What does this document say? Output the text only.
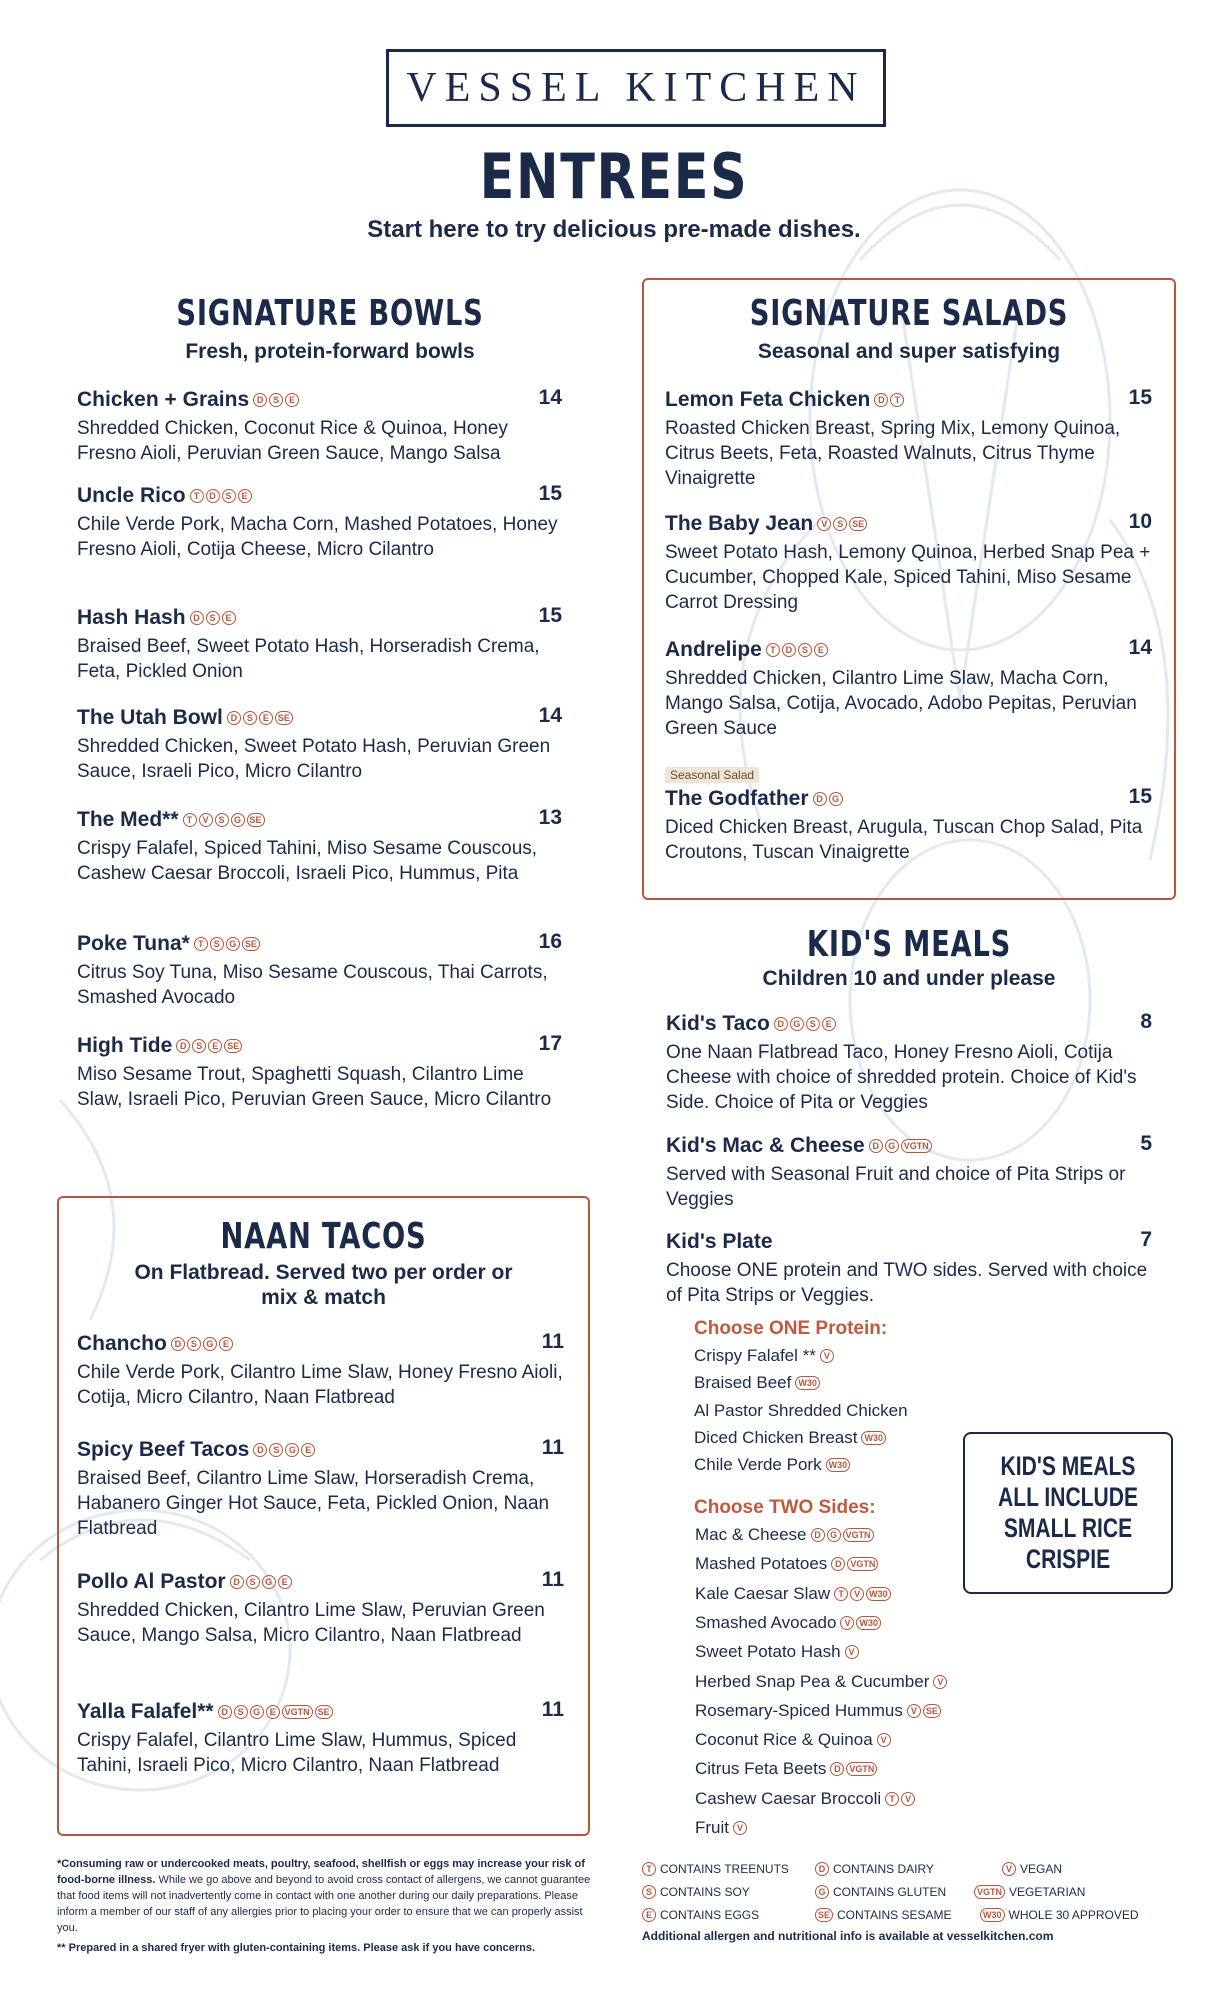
VESSEL KITCHEN
ENTREES
Start here to try delicious pre-made dishes.
SIGNATURE BOWLS
Fresh, protein-forward bowls
Chicken + Grains D	S	E	14
Shredded Chicken, Coconut Rice & Quinoa, Honey Fresno Aioli, Peruvian Green Sauce, Mango Salsa
Uncle Rico T	D	S	E	15
Chile Verde Pork, Macha Corn, Mashed Potatoes, Honey Fresno Aioli, Cotija Cheese, Micro Cilantro
Hash Hash D	S	E	15
Braised Beef, Sweet Potato Hash, Horseradish Crema, Feta, Pickled Onion
The Utah Bowl D	S	E	SE	14
Shredded Chicken, Sweet Potato Hash, Peruvian Green Sauce, Israeli Pico, Micro Cilantro
The Med** T	V	S	G SE	13
Crispy Falafel, Spiced Tahini, Miso Sesame Couscous, Cashew Caesar Broccoli, Israeli Pico, Hummus, Pita
Poke Tuna* T	S	G SE	16
Citrus Soy Tuna, Miso Sesame Couscous, Thai Carrots, Smashed Avocado
High Tide D	S	E	SE	17
Miso Sesame Trout, Spaghetti Squash, Cilantro Lime Slaw, Israeli Pico, Peruvian Green Sauce, Micro Cilantro
SIGNATURE SALADS
Seasonal and super satisfying
Lemon Feta Chicken D	T	15
Roasted Chicken Breast, Spring Mix, Lemony Quinoa, Citrus Beets, Feta, Roasted Walnuts, Citrus Thyme Vinaigrette
The Baby Jean V	S	SE	10
Sweet Potato Hash, Lemony Quinoa, Herbed Snap Pea + Cucumber, Chopped Kale, Spiced Tahini, Miso Sesame Carrot Dressing
Andrelipe T	D	S	E	14
Shredded Chicken, Cilantro Lime Slaw, Macha Corn, Mango Salsa, Cotija, Avocado, Adobo Pepitas, Peruvian Green Sauce
Seasonal Salad
The Godfather D	G	15
Diced Chicken Breast, Arugula, Tuscan Chop Salad, Pita Croutons, Tuscan Vinaigrette
NAAN TACOS
On Flatbread. Served two per order or mix & match
Chancho D	S	G	E	11
Chile Verde Pork, Cilantro Lime Slaw, Honey Fresno Aioli, Cotija, Micro Cilantro, Naan Flatbread
Spicy Beef Tacos D	S	G	E	11
Braised Beef, Cilantro Lime Slaw, Horseradish Crema, Habanero Ginger Hot Sauce, Feta, Pickled Onion, Naan Flatbread
Pollo Al Pastor D	S	G	E	11
Shredded Chicken, Cilantro Lime Slaw, Peruvian Green Sauce, Mango Salsa, Micro Cilantro, Naan Flatbread
Yalla Falafel** D	S	G	E	VGTN SE	11
Crispy Falafel, Cilantro Lime Slaw, Hummus, Spiced Tahini, Israeli Pico, Micro Cilantro, Naan Flatbread
KID'S MEALS
Children 10 and under please
Kid's Taco D	G	S	E	8
One Naan Flatbread Taco, Honey Fresno Aioli, Cotija Cheese with choice of shredded protein. Choice of Kid's Side. Choice of Pita or Veggies
Kid's Mac & Cheese D	G VGTN	5
Served with Seasonal Fruit and choice of Pita Strips or Veggies
Kid's Plate	7
Choose ONE protein and TWO sides. Served with choice of Pita Strips or Veggies.
Choose ONE Protein:
Crispy Falafel ** V
Braised Beef W30
Al Pastor Shredded Chicken
Diced Chicken Breast W30
Chile Verde Pork W30
Choose TWO Sides:
Mac & Cheese D	G VGTN
Mashed Potatoes D VGTN
Kale Caesar Slaw T	V	W30
Smashed Avocado V	W30
Sweet Potato Hash V
Herbed Snap Pea & Cucumber V
Rosemary-Spiced Hummus V	SE
Coconut Rice & Quinoa V
Citrus Feta Beets D VGTN
Cashew Caesar Broccoli T	V
Fruit V
KID'S MEALS ALL INCLUDE SMALL RICE CRISPIE
*Consuming raw or undercooked meats, poultry, seafood, shellfish or eggs may increase your risk of food-borne illness. While we go above and beyond to avoid cross contact of allergens, we cannot guarantee that food items will not inadvertently come in contact with one another during our daily preparations. Please inform a member of our staff of any allergies prior to placing your order to ensure that we can properly assist you.
** Prepared in a shared fryer with gluten-containing items. Please ask if you have concerns.
T CONTAINS TREENUTS	D CONTAINS DAIRY	V VEGAN
S CONTAINS SOY	G CONTAINS GLUTEN	VGTN VEGETARIAN
E CONTAINS EGGS	SE CONTAINS SESAME	W30 WHOLE 30 APPROVED
Additional allergen and nutritional info is available at vesselkitchen.com
